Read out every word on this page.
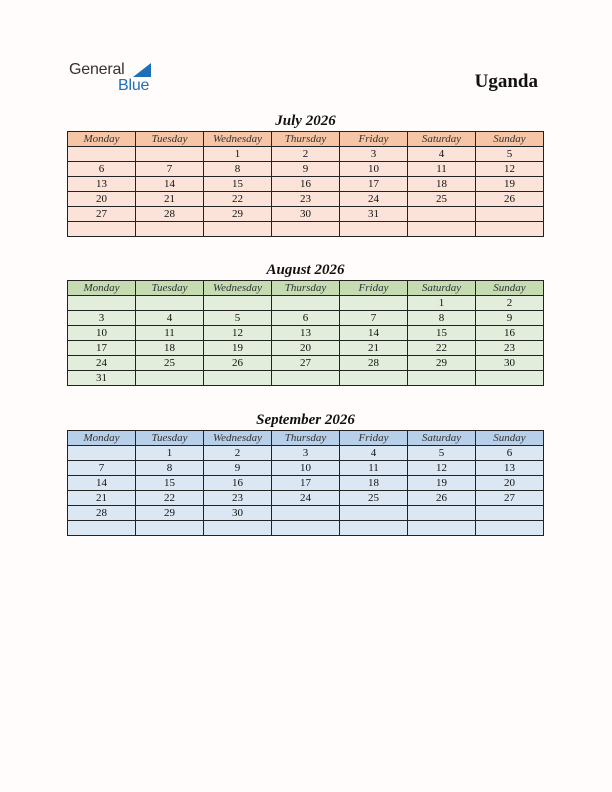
General
Blue	Uganda
July 2026
Monday	Tuesday	Wednesday	Thursday	Friday	Saturday	Sunday
		1	2	3	4	5
6	7	8	9	10	11	12
13	14	15	16	17	18	19
20	21	22	23	24	25	26
27	28	29	30	31		

August 2026
Monday	Tuesday	Wednesday	Thursday	Friday	Saturday	Sunday
					1	2
3	4	5	6	7	8	9
10	11	12	13	14	15	16
17	18	19	20	21	22	23
24	25	26	27	28	29	30
31						
September 2026
Monday	Tuesday	Wednesday	Thursday	Friday	Saturday	Sunday
	1	2	3	4	5	6
7	8	9	10	11	12	13
14	15	16	17	18	19	20
21	22	23	24	25	26	27
28	29	30				
